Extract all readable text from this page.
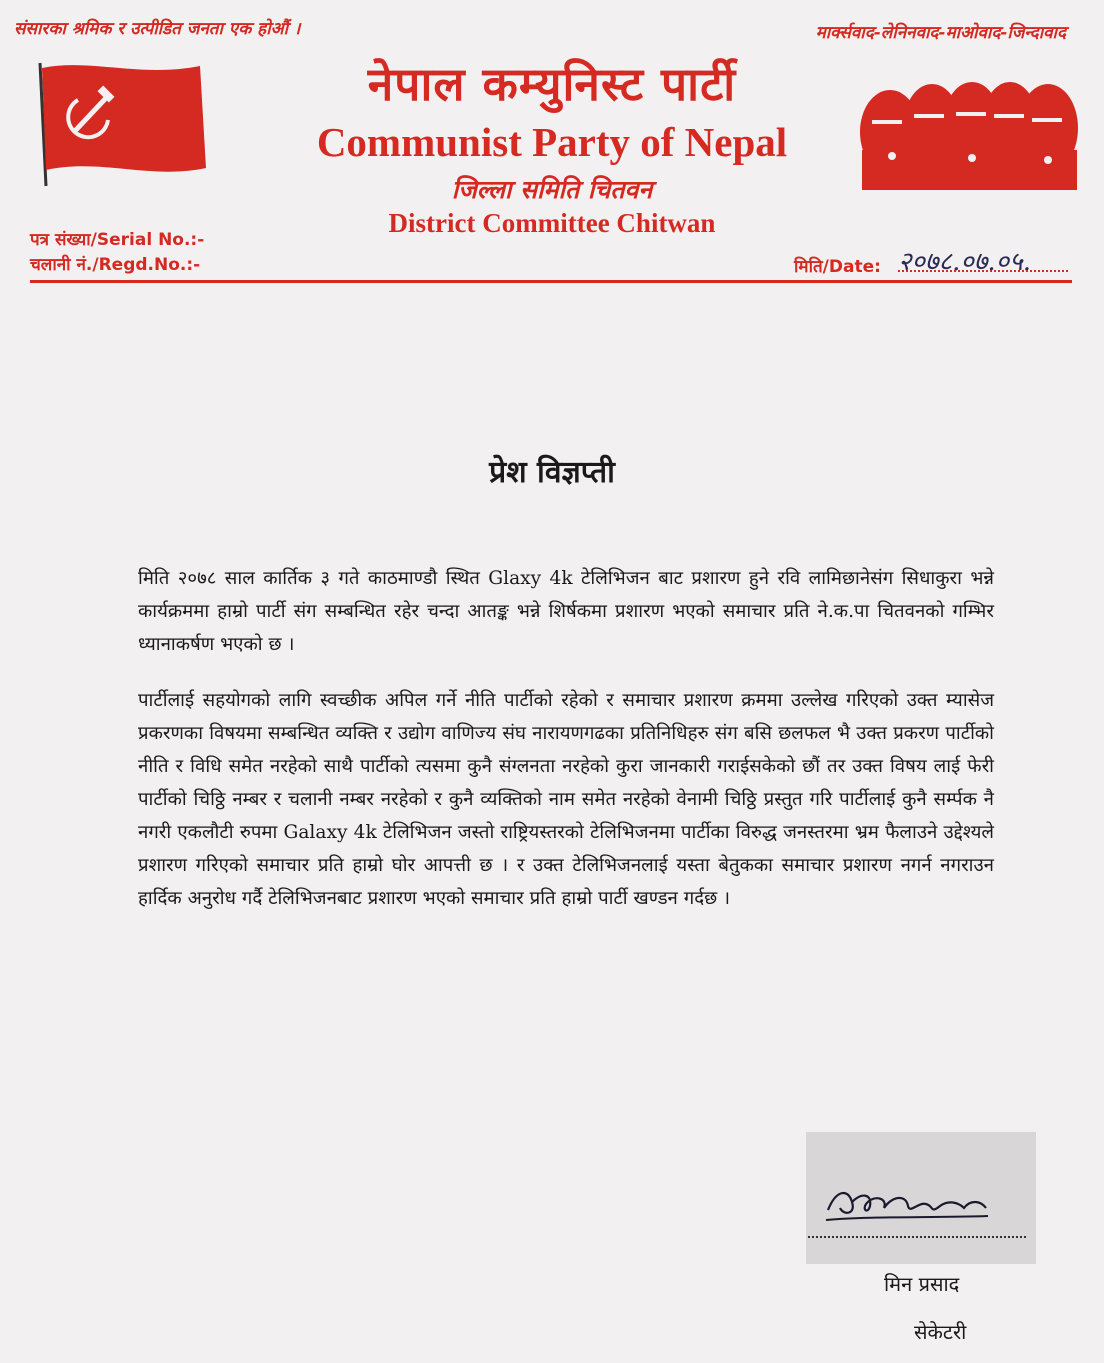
संसारका श्रमिक र उत्पीडित जनता एक होऔं ।	मार्क्सवाद-लेनिनवाद-माओवाद-जिन्दावाद
नेपाल कम्युनिस्ट पार्टी
Communist Party of Nepal
जिल्ला समिति चितवन
District Committee Chitwan
पत्र संख्या/Serial No.:-
चलानी नं./Regd.No.:-	मिति/Date: २०७८.०७.०५.
प्रेश विज्ञप्ती
मिति २०७८ साल कार्तिक ३ गते काठमाण्डौ स्थित Glaxy 4k टेलिभिजन बाट प्रशारण हुने रवि लामिछानेसंग सिधाकुरा भन्ने कार्यक्रममा हाम्रो पार्टी संग सम्बन्धित रहेर चन्दा आतङ्क भन्ने शिर्षकमा प्रशारण भएको समाचार प्रति ने.क.पा चितवनको गम्भिर ध्यानाकर्षण भएको छ ।
पार्टीलाई सहयोगको लागि स्वच्छीक अपिल गर्ने नीति पार्टीको रहेको र समाचार प्रशारण क्रममा उल्लेख गरिएको उक्त म्यासेज प्रकरणका विषयमा सम्बन्धित व्यक्ति र उद्योग वाणिज्य संघ नारायणगढका प्रतिनिधिहरु संग बसि छलफल भै उक्त प्रकरण पार्टीको नीति र विधि समेत नरहेको साथै पार्टीको त्यसमा कुनै संग्लनता नरहेको कुरा जानकारी गराईसकेको छौं तर उक्त विषय लाई फेरी पार्टीको चिठ्ठि नम्बर र चलानी नम्बर नरहेको र कुनै व्यक्तिको नाम समेत नरहेको वेनामी चिठ्ठि प्रस्तुत गरि पार्टीलाई कुनै सर्म्पक नै नगरी एकलौटी रुपमा Galaxy 4k टेलिभिजन जस्तो राष्ट्रियस्तरको टेलिभिजनमा पार्टीका विरुद्ध जनस्तरमा भ्रम फैलाउने उद्देश्यले प्रशारण गरिएको समाचार प्रति हाम्रो घोर आपत्ती छ । र उक्त टेलिभिजनलाई यस्ता बेतुकका समाचार प्रशारण नगर्न नगराउन हार्दिक अनुरोध गर्दै टेलिभिजनबाट प्रशारण भएको समाचार प्रति हाम्रो पार्टी खण्डन गर्दछ ।
मिन प्रसाद
सेकेटरी
